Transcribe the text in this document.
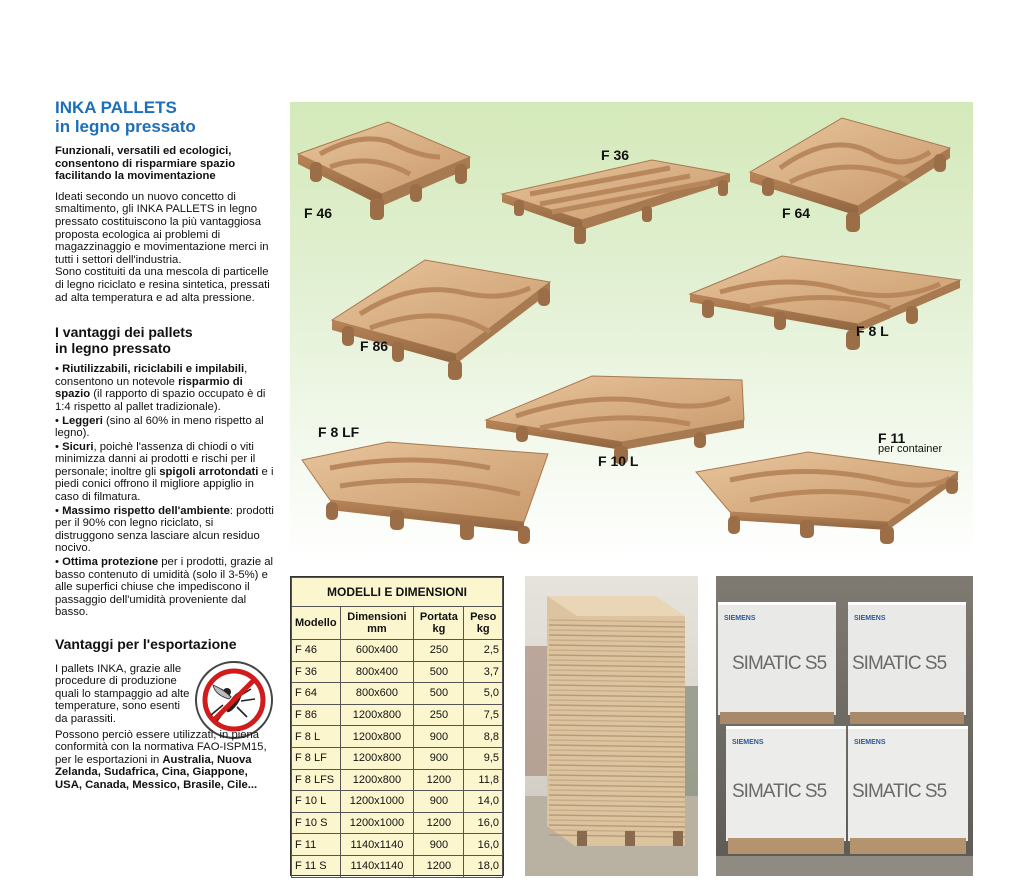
INKA PALLETS
in legno pressato
Funzionali, versatili ed ecologici, consentono di risparmiare spazio facilitando la movimentazione
Ideati secondo un nuovo concetto di smaltimento, gli INKA PALLETS in legno pressato costituiscono la più vantaggiosa proposta ecologica ai problemi di magazzinaggio e movimentazione merci in tutti i settori dell'industria.
Sono costituiti da una mescola di particelle di legno riciclato e resina sintetica, pressati ad alta temperatura e ad alta pressione.
I vantaggi dei pallets
in legno pressato
• Riutilizzabili, riciclabili e impilabili, consentono un notevole risparmio di spazio (il rapporto di spazio occupato è di 1:4 rispetto al pallet tradizionale).
• Leggeri (sino al 60% in meno rispetto al legno).
• Sicuri, poichè l'assenza di chiodi o viti minimizza danni ai prodotti e rischi per il personale; inoltre gli spigoli arrotondati e i piedi conici offrono il migliore appiglio in caso di filmatura.
• Massimo rispetto dell'ambiente: prodotti per il 90% con legno riciclato, si distruggono senza lasciare alcun residuo nocivo.
• Ottima protezione per i prodotti, grazie al basso contenuto di umidità (solo il 3-5%) e alle superfici chiuse che impediscono il passaggio dell'umidità proveniente dal basso.
Vantaggi per l'esportazione
I pallets INKA, grazie alle procedure di produzione quali lo stampaggio ad alte temperature, sono esenti da parassiti.
Possono perciò essere utilizzati, in piena conformità con la normativa FAO-ISPM15, per le esportazioni in Australia, Nuova Zelanda, Sudafrica, Cina, Giappone, USA, Canada, Messico, Brasile, Cile...
F 46
F 36
F 64
F 86
F 8 L
F 8 LF
F 10 L
F 11
per container
MODELLI E DIMENSIONI			
Modello	Dimensioni mm	Portata kg	Peso kg
F 46	600x400	250	2,5
F 36	800x400	500	3,7
F 64	800x600	500	5,0
F 86	1200x800	250	7,5
F 8 L	1200x800	900	8,8
F 8 LF	1200x800	900	9,5
F 8 LFS	1200x800	1200	11,8
F 10 L	1200x1000	900	14,0
F 10 S	1200x1000	1200	16,0
F 11	1140x1140	900	16,0
F 11 S	1140x1140	1200	18,0
SIEMENS
SIMATIC S5
SIEMENS
SIMATIC S5
SIEMENS
SIMATIC S5
SIEMENS
SIMATIC S5
